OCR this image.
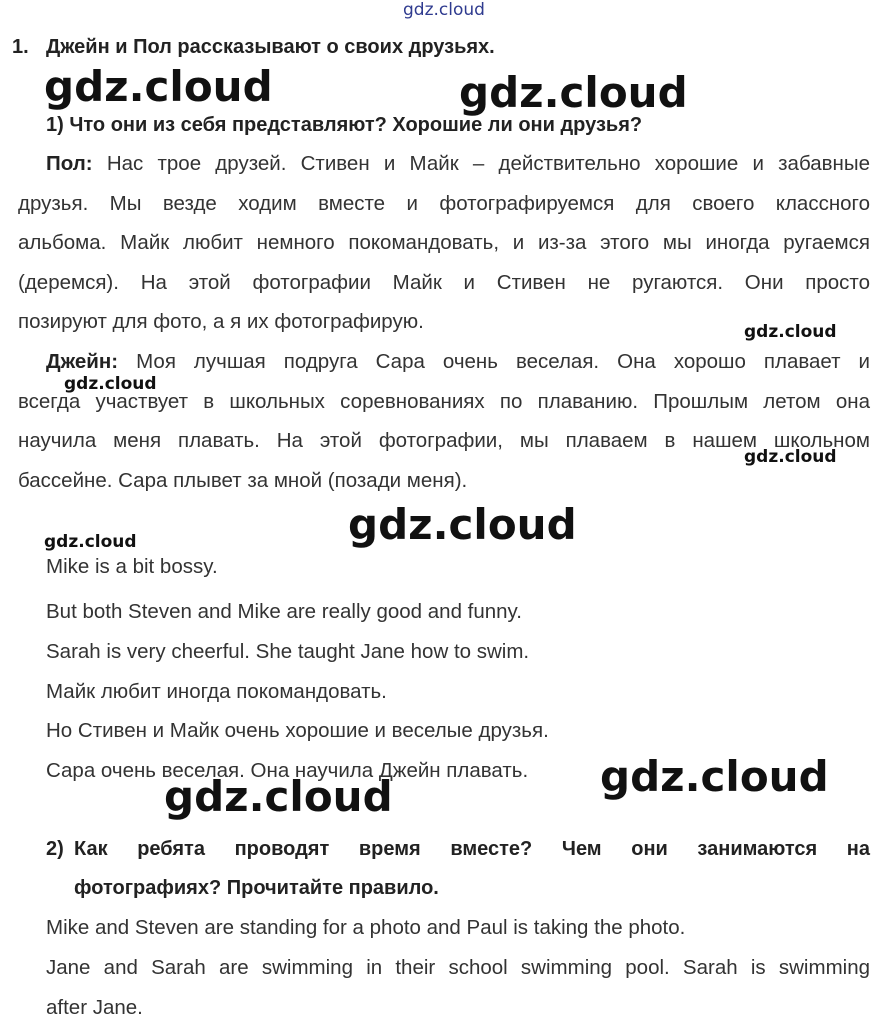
gdz.cloud
1. Джейн и Пол рассказывают о своих друзьях.
gdz.cloud	gdz.cloud
1) Что они из себя представляют? Хорошие ли они друзья?
Пол: Нас трое друзей. Стивен и Майк – действительно хорошие и забавные
друзья. Мы везде ходим вместе и фотографируемся для своего классного
альбома. Майк любит немного покомандовать, и из-за этого мы иногда ругаемся
(деремся). На этой фотографии Майк и Стивен не ругаются. Они просто
позируют для фото, а я их фотографирую.	gdz.cloud
Джейн: Моя лучшая подруга Сара очень веселая. Она хорошо плавает и
всегда участвует в школьных соревнованиях по плаванию. Прошлым летом она
научила меня плавать. На этой фотографии, мы плаваем в нашем школьном
бассейне. Сара плывет за мной (позади меня).
gdz.cloud
gdz.cloud
gdz.cloud
gdz.cloud
Mike is a bit bossy.
But both Steven and Mike are really good and funny.
Sarah is very cheerful. She taught Jane how to swim.
Майк любит иногда покомандовать.
Но Стивен и Майк очень хорошие и веселые друзья.
Сара очень веселая. Она научила Джейн плавать. gdz.cloud
gdz.cloud
2) Как ребята проводят время вместе? Чем они занимаются на
фотографиях? Прочитайте правило.
Mike and Steven are standing for a photo and Paul is taking the photo.
Jane and Sarah are swimming in their school swimming pool. Sarah is swimming
after Jane.
